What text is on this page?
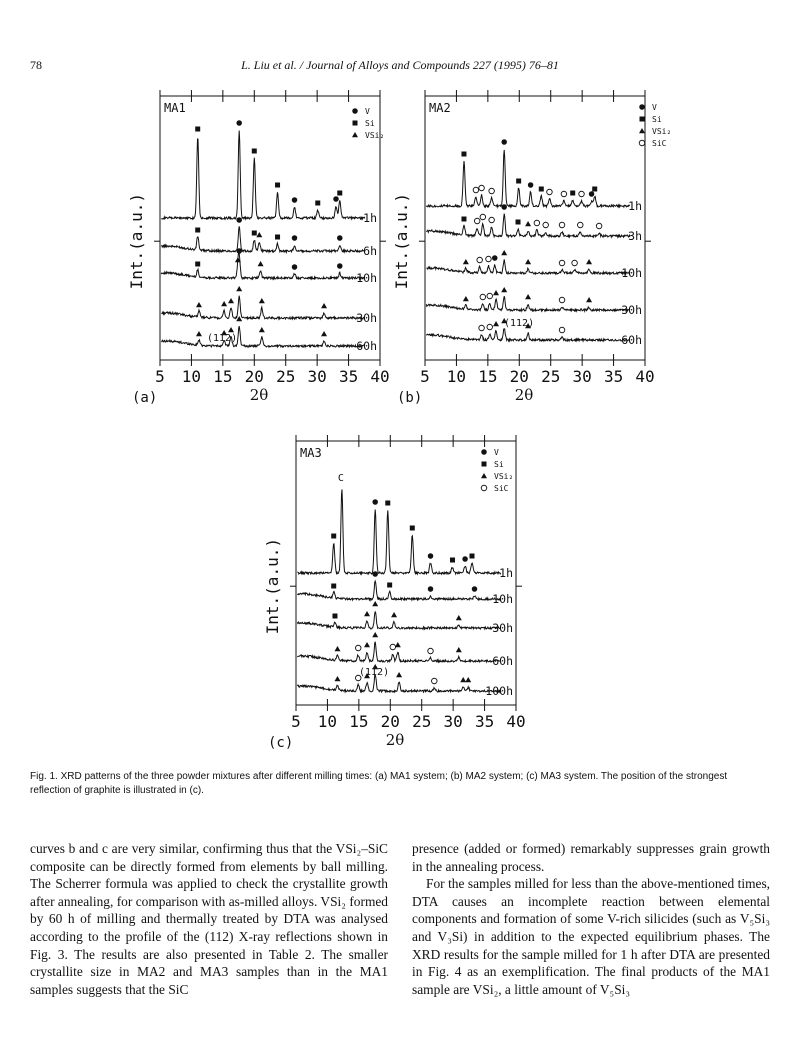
78	L. Liu et al. / Journal of Alloys and Compounds 227 (1995) 76–81
5 10 15 20 25 30 35 40
2θ
Int.(a.u.)
(a)
MA1	V
Si
VSi₂
1h
6h
10h
30h
60h
(112)
5 10 15 20 25 30 35 40
2θ
Int.(a.u.)
(b)
MA2	V
Si
VSi₂
SiC
1h
3h
10h
30h
60h
(112)
5 10 15 20 25 30 35 40
2θ
Int.(a.u.)
(c)
MA3	V
Si
VSi₂
SiC
1h
10h
30h
60h
100h
(112)
C
Fig. 1. XRD patterns of the three powder mixtures after different milling times: (a) MA1 system; (b) MA2 system; (c) MA3 system. The position of the strongest reflection of graphite is illustrated in (c).

curves b and c are very similar, confirming thus that the VSi₂–SiC composite can be directly formed from elements by ball milling. The Scherrer formula was applied to check the crystallite growth after annealing, for comparison with as-milled alloys. VSi₂ formed by 60 h of milling and thermally treated by DTA was analysed according to the profile of the (112) X-ray reflections shown in Fig. 3. The results are also presented in Table 2. The smaller crystallite size in MA2 and MA3 samples than in the MA1 samples suggests that the SiC

presence (added or formed) remarkably suppresses grain growth in the annealing process.

For the samples milled for less than the above-mentioned times, DTA causes an incomplete reaction between elemental components and formation of some V-rich silicides (such as V₅Si₃ and V₃Si) in addition to the expected equilibrium phases. The XRD results for the sample milled for 1 h after DTA are presented in Fig. 4 as an exemplification. The final products of the MA1 sample are VSi₂, a little amount of V₅Si₃
